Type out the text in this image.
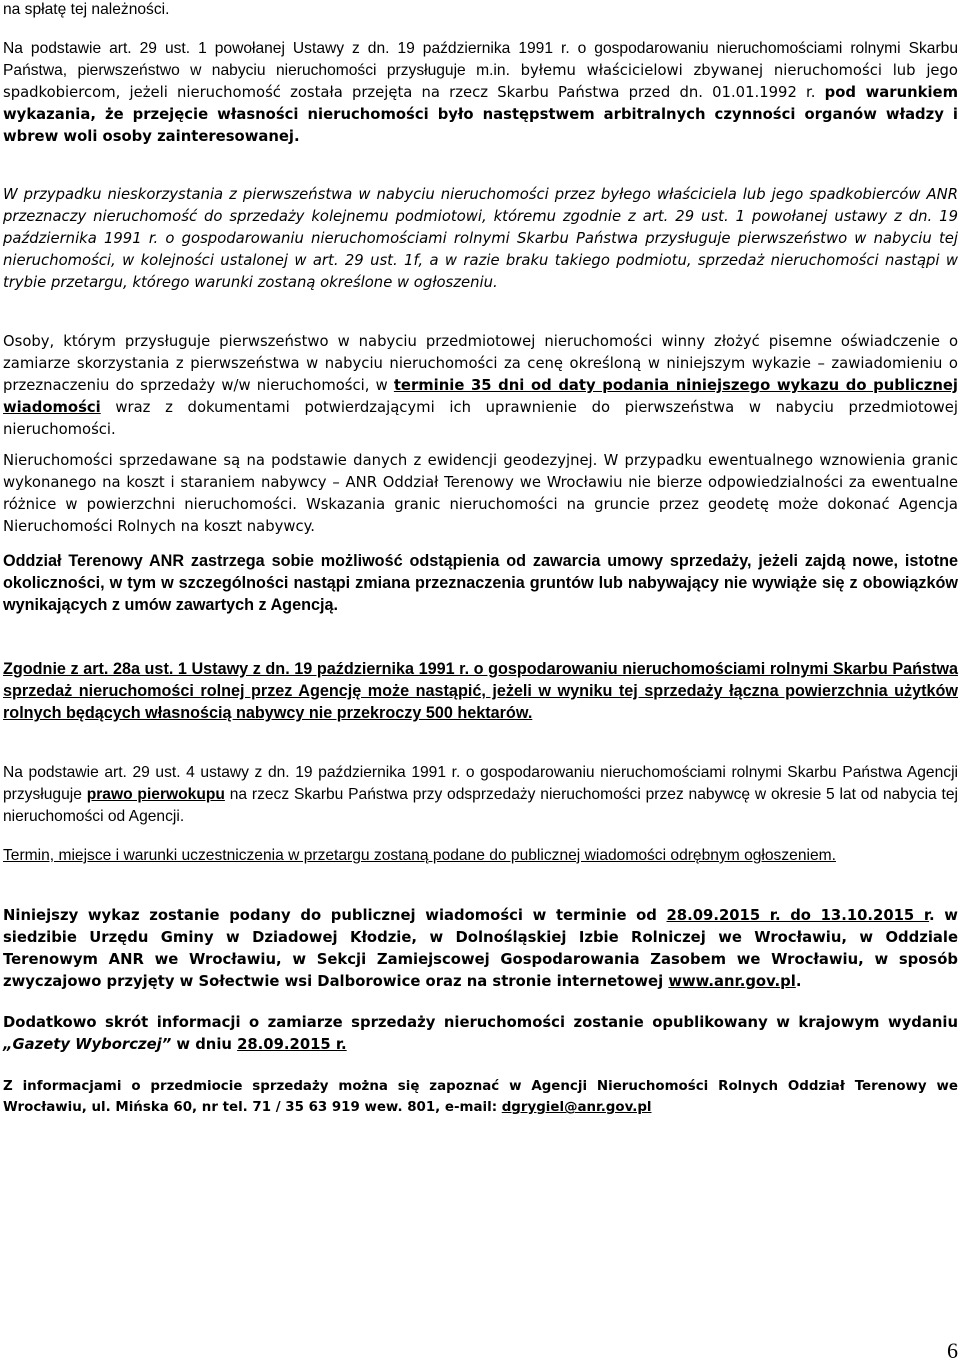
na spłatę tej należności.

Na podstawie art. 29 ust. 1 powołanej Ustawy z dn. 19 października 1991 r. o gospodarowaniu nieruchomościami rolnymi Skarbu Państwa, pierwszeństwo w nabyciu nieruchomości przysługuje m.in. byłemu właścicielowi zbywanej nieruchomości lub jego spadkobiercom, jeżeli nieruchomość została przejęta na rzecz Skarbu Państwa przed dn. 01.01.1992 r. pod warunkiem wykazania, że przejęcie własności nieruchomości było następstwem arbitralnych czynności organów władzy i wbrew woli osoby zainteresowanej.

W przypadku nieskorzystania z pierwszeństwa w nabyciu nieruchomości przez byłego właściciela lub jego spadkobierców ANR przeznaczy nieruchomość do sprzedaży kolejnemu podmiotowi, któremu zgodnie z art. 29 ust. 1 powołanej ustawy z dn. 19 października 1991 r. o gospodarowaniu nieruchomościami rolnymi Skarbu Państwa przysługuje pierwszeństwo w nabyciu tej nieruchomości, w kolejności ustalonej w art. 29 ust. 1f, a w razie braku takiego podmiotu, sprzedaż nieruchomości nastąpi w trybie przetargu, którego warunki zostaną określone w ogłoszeniu.

Osoby, którym przysługuje pierwszeństwo w nabyciu przedmiotowej nieruchomości winny złożyć pisemne oświadczenie o zamiarze skorzystania z pierwszeństwa w nabyciu nieruchomości za cenę określoną w niniejszym wykazie – zawiadomieniu o przeznaczeniu do sprzedaży w/w nieruchomości, w terminie 35 dni od daty podania niniejszego wykazu do publicznej wiadomości wraz z dokumentami potwierdzającymi ich uprawnienie do pierwszeństwa w nabyciu przedmiotowej nieruchomości.

Nieruchomości sprzedawane są na podstawie danych z ewidencji geodezyjnej. W przypadku ewentualnego wznowienia granic wykonanego na koszt i staraniem nabywcy – ANR Oddział Terenowy we Wrocławiu nie bierze odpowiedzialności za ewentualne różnice w powierzchni nieruchomości. Wskazania granic nieruchomości na gruncie przez geodetę może dokonać Agencja Nieruchomości Rolnych na koszt nabywcy.

Oddział Terenowy ANR zastrzega sobie możliwość odstąpienia od zawarcia umowy sprzedaży, jeżeli zajdą nowe, istotne okoliczności, w tym w szczególności nastąpi zmiana przeznaczenia gruntów lub nabywający nie wywiąże się z obowiązków wynikających z umów zawartych z Agencją.

Zgodnie z art. 28a ust. 1 Ustawy z dn. 19 października 1991 r. o gospodarowaniu nieruchomościami rolnymi Skarbu Państwa sprzedaż nieruchomości rolnej przez Agencję może nastąpić, jeżeli w wyniku tej sprzedaży łączna powierzchnia użytków rolnych będących własnością nabywcy nie przekroczy 500 hektarów.

Na podstawie art. 29 ust. 4 ustawy z dn. 19 października 1991 r. o gospodarowaniu nieruchomościami rolnymi Skarbu Państwa Agencji przysługuje prawo pierwokupu na rzecz Skarbu Państwa przy odsprzedaży nieruchomości przez nabywcę w okresie 5 lat od nabycia tej nieruchomości od Agencji.

Termin, miejsce i warunki uczestniczenia w przetargu zostaną podane do publicznej wiadomości odrębnym ogłoszeniem.

Niniejszy wykaz zostanie podany do publicznej wiadomości w terminie od 28.09.2015 r. do 13.10.2015 r. w siedzibie Urzędu Gminy w Dziadowej Kłodzie, w Dolnośląskiej Izbie Rolniczej we Wrocławiu, w Oddziale Terenowym ANR we Wrocławiu, w Sekcji Zamiejscowej Gospodarowania Zasobem we Wrocławiu, w sposób zwyczajowo przyjęty w Sołectwie wsi Dalborowice oraz na stronie internetowej www.anr.gov.pl.

Dodatkowo skrót informacji o zamiarze sprzedaży nieruchomości zostanie opublikowany w krajowym wydaniu „Gazety Wyborczej” w dniu 28.09.2015 r.

Z informacjami o przedmiocie sprzedaży można się zapoznać w Agencji Nieruchomości Rolnych Oddział Terenowy we Wrocławiu, ul. Mińska 60, nr tel. 71 / 35 63 919 wew. 801, e-mail: dgrygiel@anr.gov.pl

6
